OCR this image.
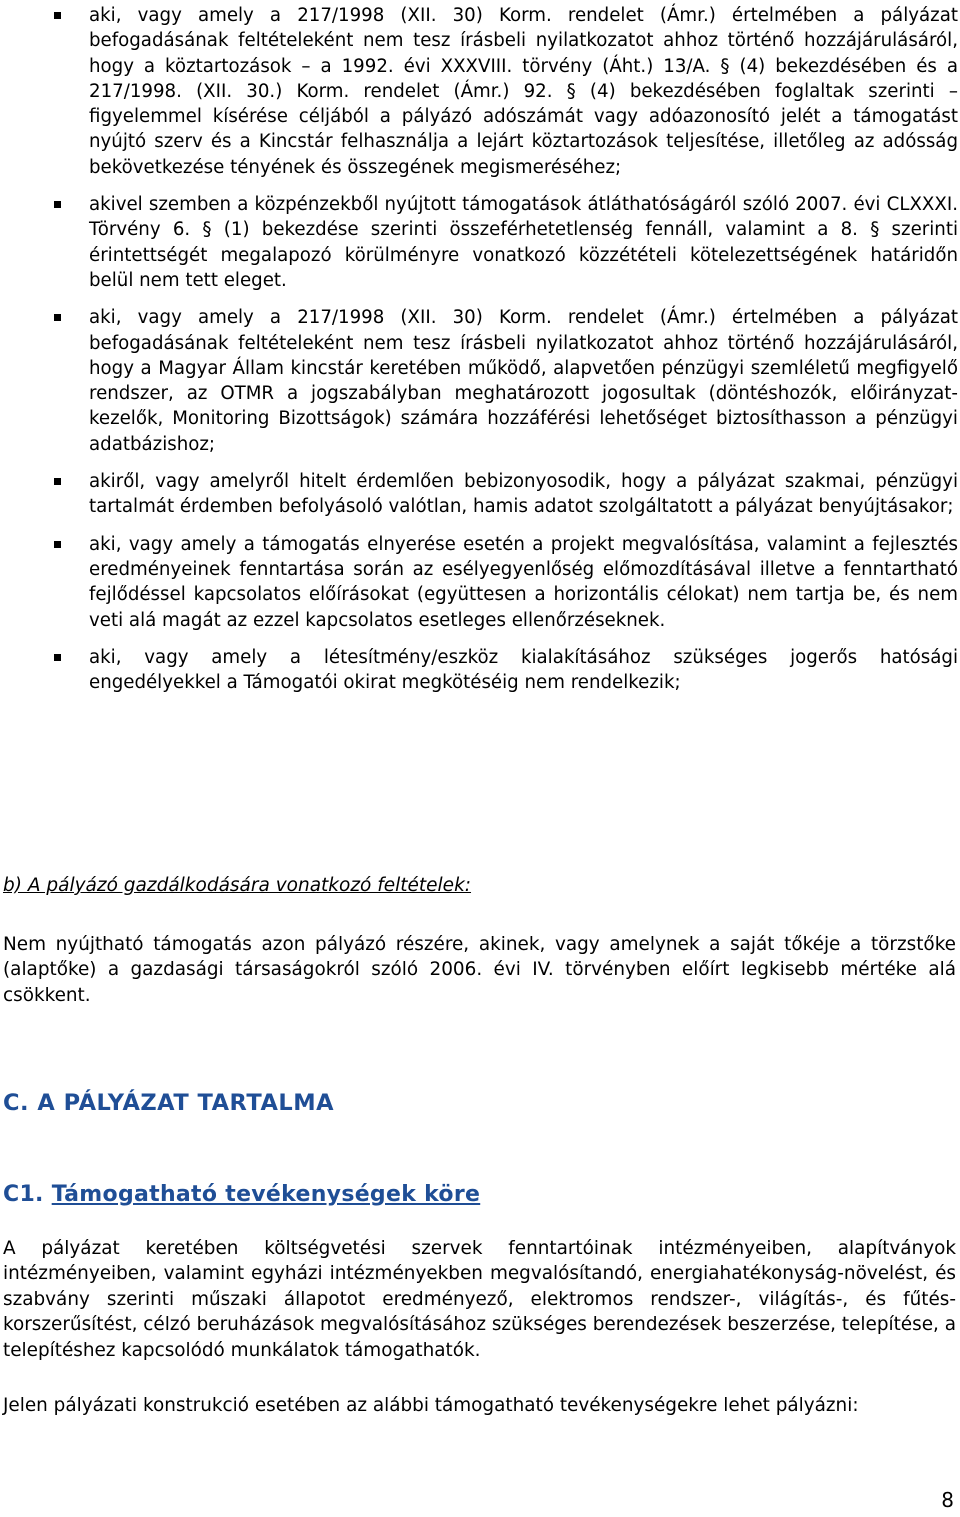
aki, vagy amely a 217/1998 (XII. 30) Korm. rendelet (Ámr.) értelmében a pályázat befogadásának feltételeként nem tesz írásbeli nyilatkozatot ahhoz történő hozzájárulásáról, hogy a köztartozások – a 1992. évi XXXVIII. törvény (Áht.) 13/A. § (4) bekezdésében és a 217/1998. (XII. 30.) Korm. rendelet (Ámr.) 92. § (4) bekezdésében foglaltak szerinti – figyelemmel kísérése céljából a pályázó adószámát vagy adóazonosító jelét a támogatást nyújtó szerv és a Kincstár felhasználja a lejárt köztartozások teljesítése, illetőleg az adósság bekövetkezése tényének és összegének megismeréséhez;
akivel szemben a közpénzekből nyújtott támogatások átláthatóságáról szóló 2007. évi CLXXXI. Törvény 6. § (1) bekezdése szerinti összeférhetetlenség fennáll, valamint a 8. § szerinti érintettségét megalapozó körülményre vonatkozó közzétételi kötelezettségének határidőn belül nem tett eleget.
aki, vagy amely a 217/1998 (XII. 30) Korm. rendelet (Ámr.) értelmében a pályázat befogadásának feltételeként nem tesz írásbeli nyilatkozatot ahhoz történő hozzájárulásáról, hogy a Magyar Állam kincstár keretében működő, alapvetően pénzügyi szemléletű megfigyelő rendszer, az OTMR a jogszabályban meghatározott jogosultak (döntéshozók, előirányzat-kezelők, Monitoring Bizottságok) számára hozzáférési lehetőséget biztosíthasson a pénzügyi adatbázishoz;
akiről, vagy amelyről hitelt érdemlően bebizonyosodik, hogy a pályázat szakmai, pénzügyi tartalmát érdemben befolyásoló valótlan, hamis adatot szolgáltatott a pályázat benyújtásakor;
aki, vagy amely a támogatás elnyerése esetén a projekt megvalósítása, valamint a fejlesztés eredményeinek fenntartása során az esélyegyenlőség előmozdításával illetve a fenntartható fejlődéssel kapcsolatos előírásokat (együttesen a horizontális célokat) nem tartja be, és nem veti alá magát az ezzel kapcsolatos esetleges ellenőrzéseknek.
aki, vagy amely a létesítmény/eszköz kialakításához szükséges jogerős hatósági engedélyekkel a Támogatói okirat megkötéséig nem rendelkezik;
b) A pályázó gazdálkodására vonatkozó feltételek:
Nem nyújtható támogatás azon pályázó részére, akinek, vagy amelynek a saját tőkéje a törzstőke (alaptőke) a gazdasági társaságokról szóló 2006. évi IV. törvényben előírt legkisebb mértéke alá csökkent.
C. A PÁLYÁZAT TARTALMA
C1. Támogatható tevékenységek köre
A pályázat keretében költségvetési szervek fenntartóinak intézményeiben, alapítványok intézményeiben, valamint egyházi intézményekben megvalósítandó, energiahatékonyság-növelést, és szabvány szerinti műszaki állapotot eredményező, elektromos rendszer-, világítás-, és fűtés-korszerűsítést, célzó beruházások megvalósításához szükséges berendezések beszerzése, telepítése, a telepítéshez kapcsolódó munkálatok támogathatók.
Jelen pályázati konstrukció esetében az alábbi támogatható tevékenységekre lehet pályázni:
8
